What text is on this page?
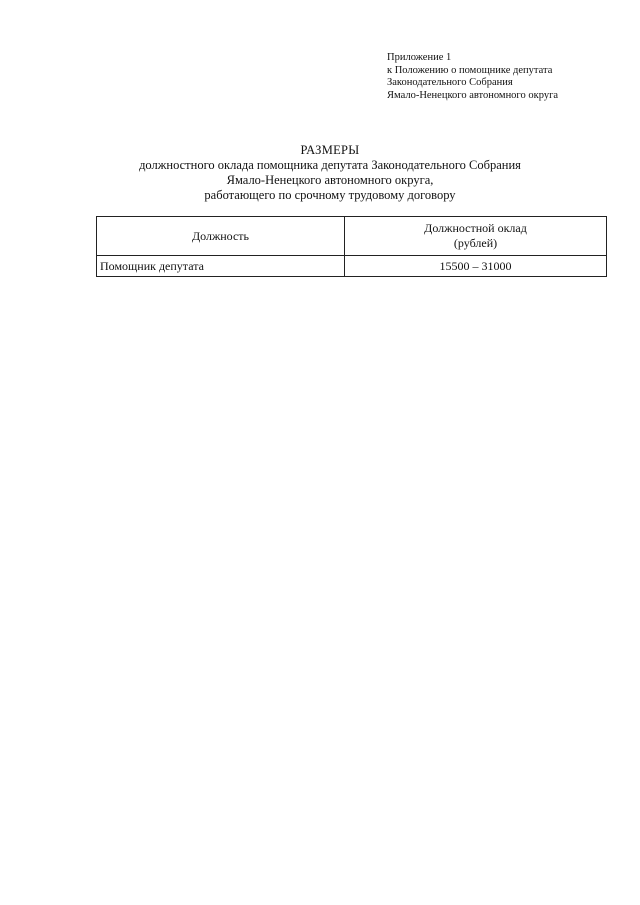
Приложение 1
к Положению о помощнике депутата
Законодательного Собрания
Ямало-Ненецкого автономного округа
РАЗМЕРЫ
должностного оклада помощника депутата Законодательного Собрания
Ямало-Ненецкого автономного округа,
работающего по срочному трудовому договору
Должность	Должностной оклад
(рублей)

Помощник депутата	15500 – 31000
